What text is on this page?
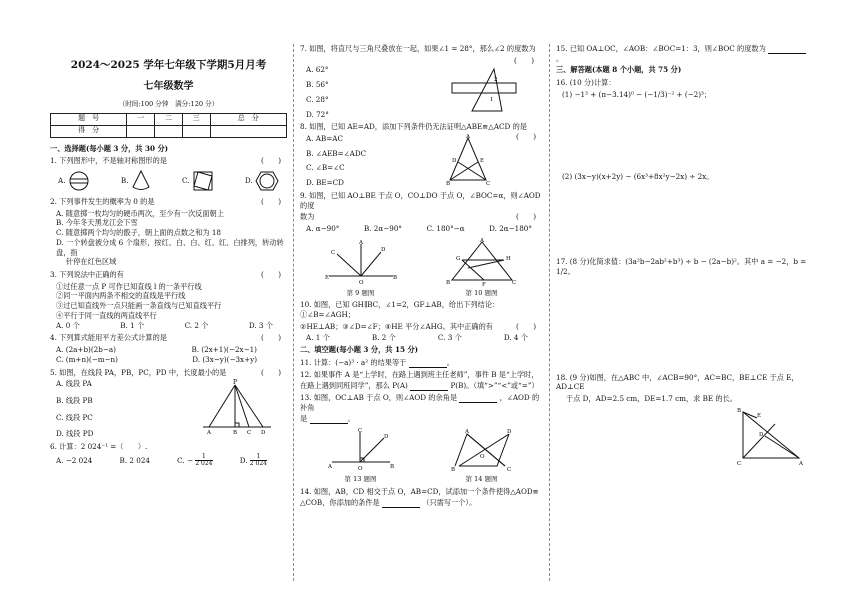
2024～2025 学年七年级下学期5月月考
七年级数学
（时间:100 分钟　满分:120 分）
题　号	一	二	三	总　分
得　分				
一、选择题(每小题 3 分，共 30 分)
1. 下列图形中，不是轴对称图形的是	(　　)
A.	B.	C.	D.
2. 下列事件发生的概率为 0 的是	(　　)
A. 随意掷一枚均匀的硬币两次，至少有一次反面朝上
B. 今年冬天黑龙江会下雪
C. 随意掷两个均匀的骰子，朝上面的点数之和为 18
D. 一个转盘被分成 6 个扇形，按红、白、白、红、红、白排列，转动转盘，指
针停在红色区域
3. 下列说法中正确的有	(　　)
①过任意一点 P 可作已知直线 l 的一条平行线
②同一平面内两条不相交的直线是平行线
③过已知直线外一点只能画一条直线与已知直线平行
④平行于同一直线的两直线平行
A. 0 个	B. 1 个	C. 2 个	D. 3 个
4. 下列算式能用平方差公式计算的是	(　　)
A. (2a+b)(2b−a)	B. (2x+1)(−2x−1)
C. (m+n)(−m−n)	D. (3x−y)(−3x+y)
5. 如图，在线段 PA，PB，PC，PD 中，长度最小的是	(　　)
A. 线段 PA
B. 线段 PB
C. 线段 PC
D. 线段 PD
P
A	B C D
6. 计算：2 024⁻¹ =（　　）.
A. −2 024	B. 2 024	C. − $\frac{1}{2 024}$	D. $\frac{1}{2 024}$
7. 如图，将直尺与三角尺叠放在一起，如果∠1 = 28°，那么∠2 的度数为
(　　)
A. 62°
B. 56°
C. 28°
D. 72°
2
1
8. 如图，已知 AE=AD，添加下列条件仍无法证明△ABE≌△ACD 的是
(　　)
A. AB=AC
B. ∠AEB=∠ADC
C. ∠B=∠C
D. BE=CD
A
B	C
D	E
9. 如图，已知 AO⊥BE 于点 O，CO⊥DO 于点 O，∠BOC=α，则∠AOD 的度
数为	(　　)
A. α−90°	B. 2α−90°	C. 180°−α	D. 2α−180°
A
C	D
E	B
O
第 9 题图
A
G	H
B	C
F
第 10 题图
10. 如图，已知 GH∥BC，∠1=2，GF⊥AB，给出下列结论：①∠B=∠AGH；
②HE⊥AB；③∠D=∠F；④HE 平分∠AHG。其中正确的有	(　　)
A. 1 个	B. 2 个	C. 3 个	D. 4 个
二、填空题(每小题 3 分，共 15 分)
11. 计算：(−a)³ · a² 的结果等于	。
12. 如果事件 A 是“上学时，在路上遇到班主任老师”，事件 B 是“上学时，
在路上遇到同班同学”，那么 P(A)	P(B)。（填“>”“<”或“=”）
13. 如图，OC⊥AB 于点 O，则∠AOD 的余角是	，∠AOD 的补角
是	。
C
D
A	B
O
第 13 题图
A	D
B	C
O
第 14 题图
14. 如图，AB，CD 相交于点 O，AB=CD，试添加一个条件使得△AOD≌
△COB，你添加的条件是	（只需写一个）。
15. 已知 OA⊥OC，∠AOB：∠BOC=1：3，则∠BOC 的度数为 。
三、解答题(本题 8 个小题，共 75 分)
16. (10 分)计算：
(1) −1³ + (π−3.14)⁰ − (−1/3)⁻² + (−2)³；
(2) (3x−y)(x+2y) − (6x³+8x²y−2x) ÷ 2x。
17. (8 分)化简求值：(3a²b−2ab²+b³) ÷ b − (2a−b)²。其中 a = −2，b = 1/2。
18. (9 分)如图，在△ABC 中，∠ACB=90°，AC=BC，BE⊥CE 于点 E，AD⊥CE
于点 D，AD=2.5 cm，DE=1.7 cm，求 BE 的长。
B
E
D
C	A
